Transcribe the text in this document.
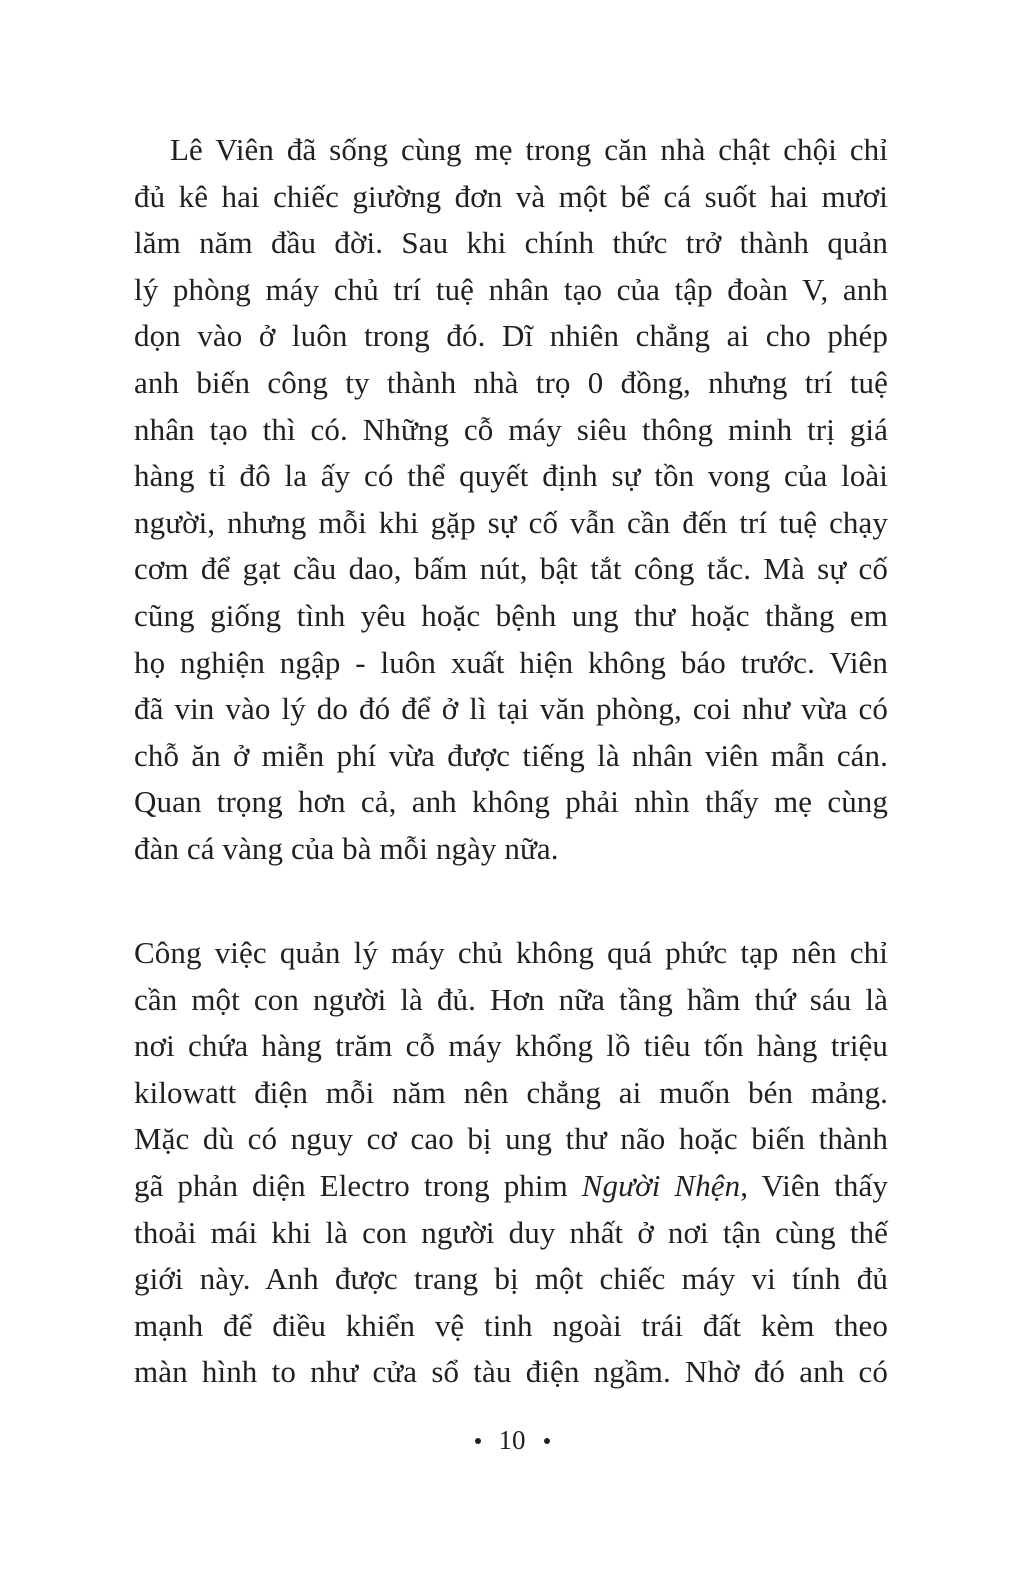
Lê Viên đã sống cùng mẹ trong căn nhà chật chội chỉ
đủ kê hai chiếc giường đơn và một bể cá suốt hai mươi
lăm năm đầu đời. Sau khi chính thức trở thành quản
lý phòng máy chủ trí tuệ nhân tạo của tập đoàn V, anh
dọn vào ở luôn trong đó. Dĩ nhiên chẳng ai cho phép
anh biến công ty thành nhà trọ 0 đồng, nhưng trí tuệ
nhân tạo thì có. Những cỗ máy siêu thông minh trị giá
hàng tỉ đô la ấy có thể quyết định sự tồn vong của loài
người, nhưng mỗi khi gặp sự cố vẫn cần đến trí tuệ chạy
cơm để gạt cầu dao, bấm nút, bật tắt công tắc. Mà sự cố
cũng giống tình yêu hoặc bệnh ung thư hoặc thằng em
họ nghiện ngập - luôn xuất hiện không báo trước. Viên
đã vin vào lý do đó để ở lì tại văn phòng, coi như vừa có
chỗ ăn ở miễn phí vừa được tiếng là nhân viên mẫn cán.
Quan trọng hơn cả, anh không phải nhìn thấy mẹ cùng
đàn cá vàng của bà mỗi ngày nữa.
Công việc quản lý máy chủ không quá phức tạp nên chỉ
cần một con người là đủ. Hơn nữa tầng hầm thứ sáu là
nơi chứa hàng trăm cỗ máy khổng lồ tiêu tốn hàng triệu
kilowatt điện mỗi năm nên chẳng ai muốn bén mảng.
Mặc dù có nguy cơ cao bị ung thư não hoặc biến thành
gã phản diện Electro trong phim Người Nhện, Viên thấy
thoải mái khi là con người duy nhất ở nơi tận cùng thế
giới này. Anh được trang bị một chiếc máy vi tính đủ
mạnh để điều khiển vệ tinh ngoài trái đất kèm theo
màn hình to như cửa sổ tàu điện ngầm. Nhờ đó anh có
10
